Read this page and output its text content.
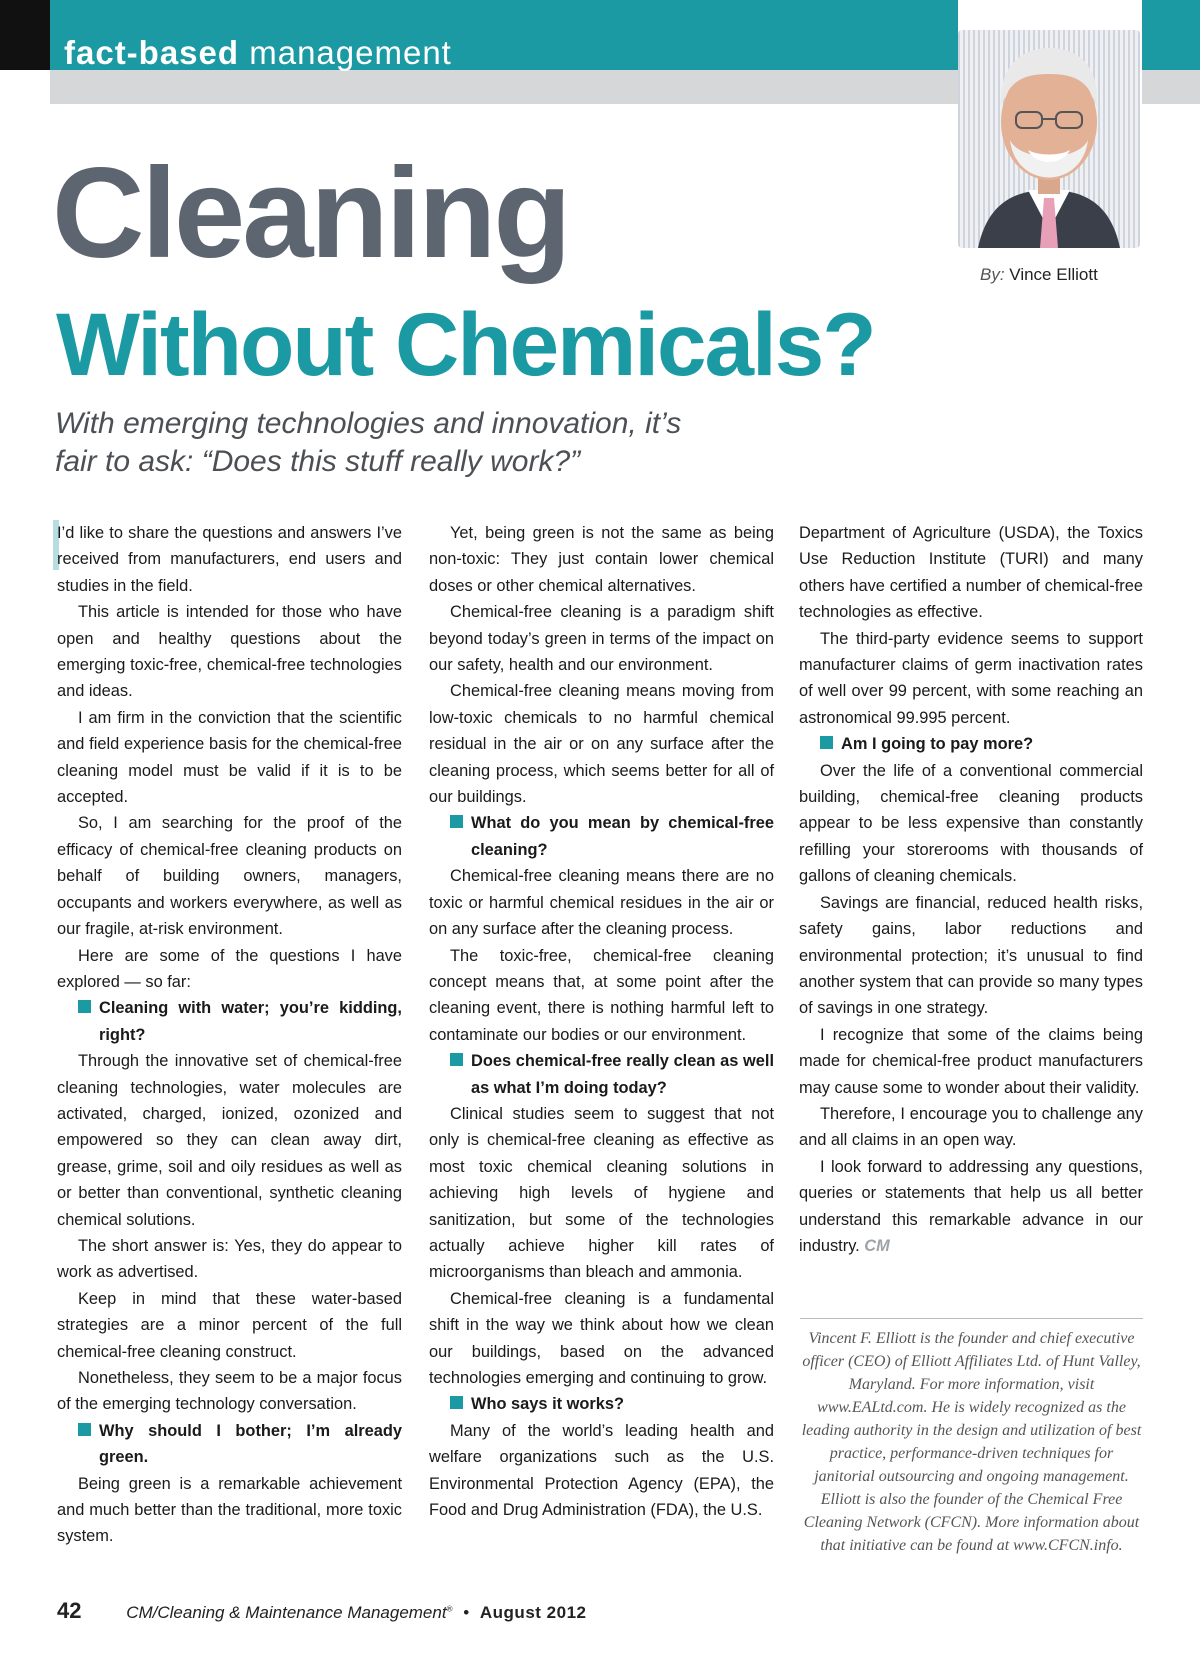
fact-based management
By: Vince Elliott
Cleaning
Without Chemicals?
With emerging technologies and innovation, it’s
fair to ask: “Does this stuff really work?”

I’d like to share the questions and answers I’ve received from manufacturers, end users and studies in the field.

This article is intended for those who have open and healthy questions about the emerging toxic-free, chemical-free technologies and ideas.

I am firm in the conviction that the scientific and field experience basis for the chemical-free cleaning model must be valid if it is to be accepted.

So, I am searching for the proof of the efficacy of chemical-free cleaning products on behalf of building owners, managers, occupants and workers everywhere, as well as our fragile, at-risk environment.

Here are some of the questions I have explored — so far:

Cleaning with water; you’re kidding, right?

Through the innovative set of chemical-free cleaning technologies, water molecules are activated, charged, ionized, ozonized and empowered so they can clean away dirt, grease, grime, soil and oily residues as well as or better than conventional, synthetic cleaning chemical solutions.

The short answer is: Yes, they do appear to work as advertised.

Keep in mind that these water-based strategies are a minor percent of the full chemical-free cleaning construct.

Nonetheless, they seem to be a major focus of the emerging technology conversation.

Why should I bother; I’m already green.

Being green is a remarkable achievement and much better than the traditional, more toxic system.

Yet, being green is not the same as being non-toxic: They just contain lower chemical doses or other chemical alternatives.

Chemical-free cleaning is a paradigm shift beyond today’s green in terms of the impact on our safety, health and our environment.

Chemical-free cleaning means moving from low-toxic chemicals to no harmful chemical residual in the air or on any surface after the cleaning process, which seems better for all of our buildings.

What do you mean by chemical-free cleaning?

Chemical-free cleaning means there are no toxic or harmful chemical residues in the air or on any surface after the cleaning process.

The toxic-free, chemical-free cleaning concept means that, at some point after the cleaning event, there is nothing harmful left to contaminate our bodies or our environment.

Does chemical-free really clean as well as what I’m doing today?

Clinical studies seem to suggest that not only is chemical-free cleaning as effective as most toxic chemical cleaning solutions in achieving high levels of hygiene and sanitization, but some of the technologies actually achieve higher kill rates of microorganisms than bleach and ammonia.

Chemical-free cleaning is a fundamental shift in the way we think about how we clean our buildings, based on the advanced technologies emerging and continuing to grow.

Who says it works?

Many of the world’s leading health and welfare organizations such as the U.S. Environmental Protection Agency (EPA), the Food and Drug Administration (FDA), the U.S.

Department of Agriculture (USDA), the Toxics Use Reduction Institute (TURI) and many others have certified a number of chemical-free technologies as effective.

The third-party evidence seems to support manufacturer claims of germ inactivation rates of well over 99 percent, with some reaching an astronomical 99.995 percent.

Am I going to pay more?

Over the life of a conventional commercial building, chemical-free cleaning products appear to be less expensive than constantly refilling your storerooms with thousands of gallons of cleaning chemicals.

Savings are financial, reduced health risks, safety gains, labor reductions and environmental protection; it’s unusual to find another system that can provide so many types of savings in one strategy.

I recognize that some of the claims being made for chemical-free product manufacturers may cause some to wonder about their validity.

Therefore, I encourage you to challenge any and all claims in an open way.

I look forward to addressing any questions, queries or statements that help us all better understand this remarkable advance in our industry. CM

Vincent F. Elliott is the founder and chief executive officer (CEO) of Elliott Affiliates Ltd. of Hunt Valley, Maryland. For more information, visit www.EALtd.com. He is widely recognized as the leading authority in the design and utilization of best practice, performance-driven techniques for janitorial outsourcing and ongoing management. Elliott is also the founder of the Chemical Free Cleaning Network (CFCN). More information about that initiative can be found at www.CFCN.info.
42	CM/Cleaning & Maintenance Management® • August 2012
